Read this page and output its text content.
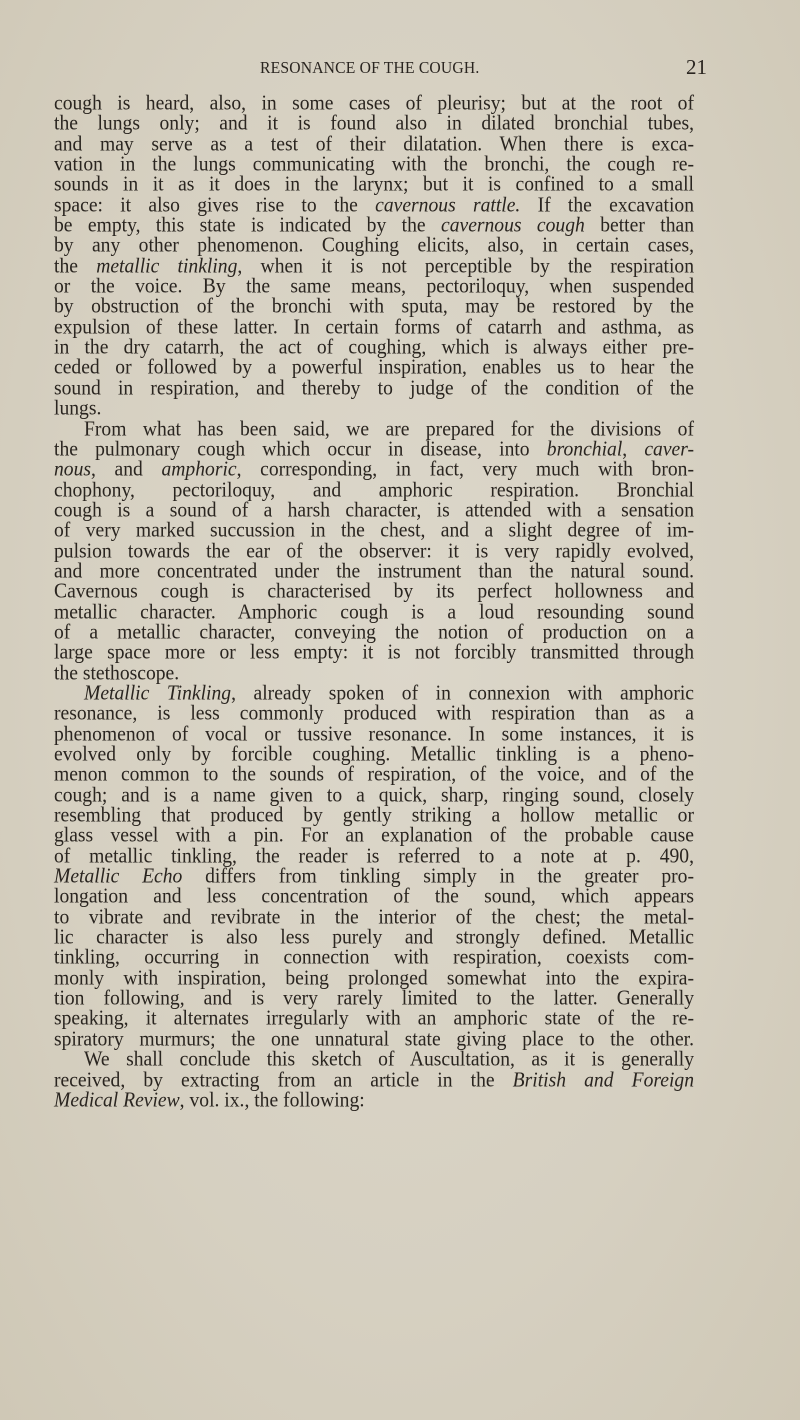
RESONANCE OF THE COUGH.	21
cough is heard, also, in some cases of pleurisy; but at the root of
the lungs only; and it is found also in dilated bronchial tubes,
and may serve as a test of their dilatation. When there is exca-
vation in the lungs communicating with the bronchi, the cough re-
sounds in it as it does in the larynx; but it is confined to a small
space: it also gives rise to the cavernous rattle. If the excavation
be empty, this state is indicated by the cavernous cough better than
by any other phenomenon. Coughing elicits, also, in certain cases,
the metallic tinkling, when it is not perceptible by the respiration
or the voice. By the same means, pectoriloquy, when suspended
by obstruction of the bronchi with sputa, may be restored by the
expulsion of these latter. In certain forms of catarrh and asthma, as
in the dry catarrh, the act of coughing, which is always either pre-
ceded or followed by a powerful inspiration, enables us to hear the
sound in respiration, and thereby to judge of the condition of the
lungs.
From what has been said, we are prepared for the divisions of
the pulmonary cough which occur in disease, into bronchial, caver-
nous, and amphoric, corresponding, in fact, very much with bron-
chophony, pectoriloquy, and amphoric respiration. Bronchial
cough is a sound of a harsh character, is attended with a sensation
of very marked succussion in the chest, and a slight degree of im-
pulsion towards the ear of the observer: it is very rapidly evolved,
and more concentrated under the instrument than the natural sound.
Cavernous cough is characterised by its perfect hollowness and
metallic character. Amphoric cough is a loud resounding sound
of a metallic character, conveying the notion of production on a
large space more or less empty: it is not forcibly transmitted through
the stethoscope.
Metallic Tinkling, already spoken of in connexion with amphoric
resonance, is less commonly produced with respiration than as a
phenomenon of vocal or tussive resonance. In some instances, it is
evolved only by forcible coughing. Metallic tinkling is a pheno-
menon common to the sounds of respiration, of the voice, and of the
cough; and is a name given to a quick, sharp, ringing sound, closely
resembling that produced by gently striking a hollow metallic or
glass vessel with a pin. For an explanation of the probable cause
of metallic tinkling, the reader is referred to a note at p. 490,
Metallic Echo differs from tinkling simply in the greater pro-
longation and less concentration of the sound, which appears
to vibrate and revibrate in the interior of the chest; the metal-
lic character is also less purely and strongly defined. Metallic
tinkling, occurring in connection with respiration, coexists com-
monly with inspiration, being prolonged somewhat into the expira-
tion following, and is very rarely limited to the latter. Generally
speaking, it alternates irregularly with an amphoric state of the re-
spiratory murmurs; the one unnatural state giving place to the other.
We shall conclude this sketch of Auscultation, as it is generally
received, by extracting from an article in the British and Foreign
Medical Review, vol. ix., the following:
